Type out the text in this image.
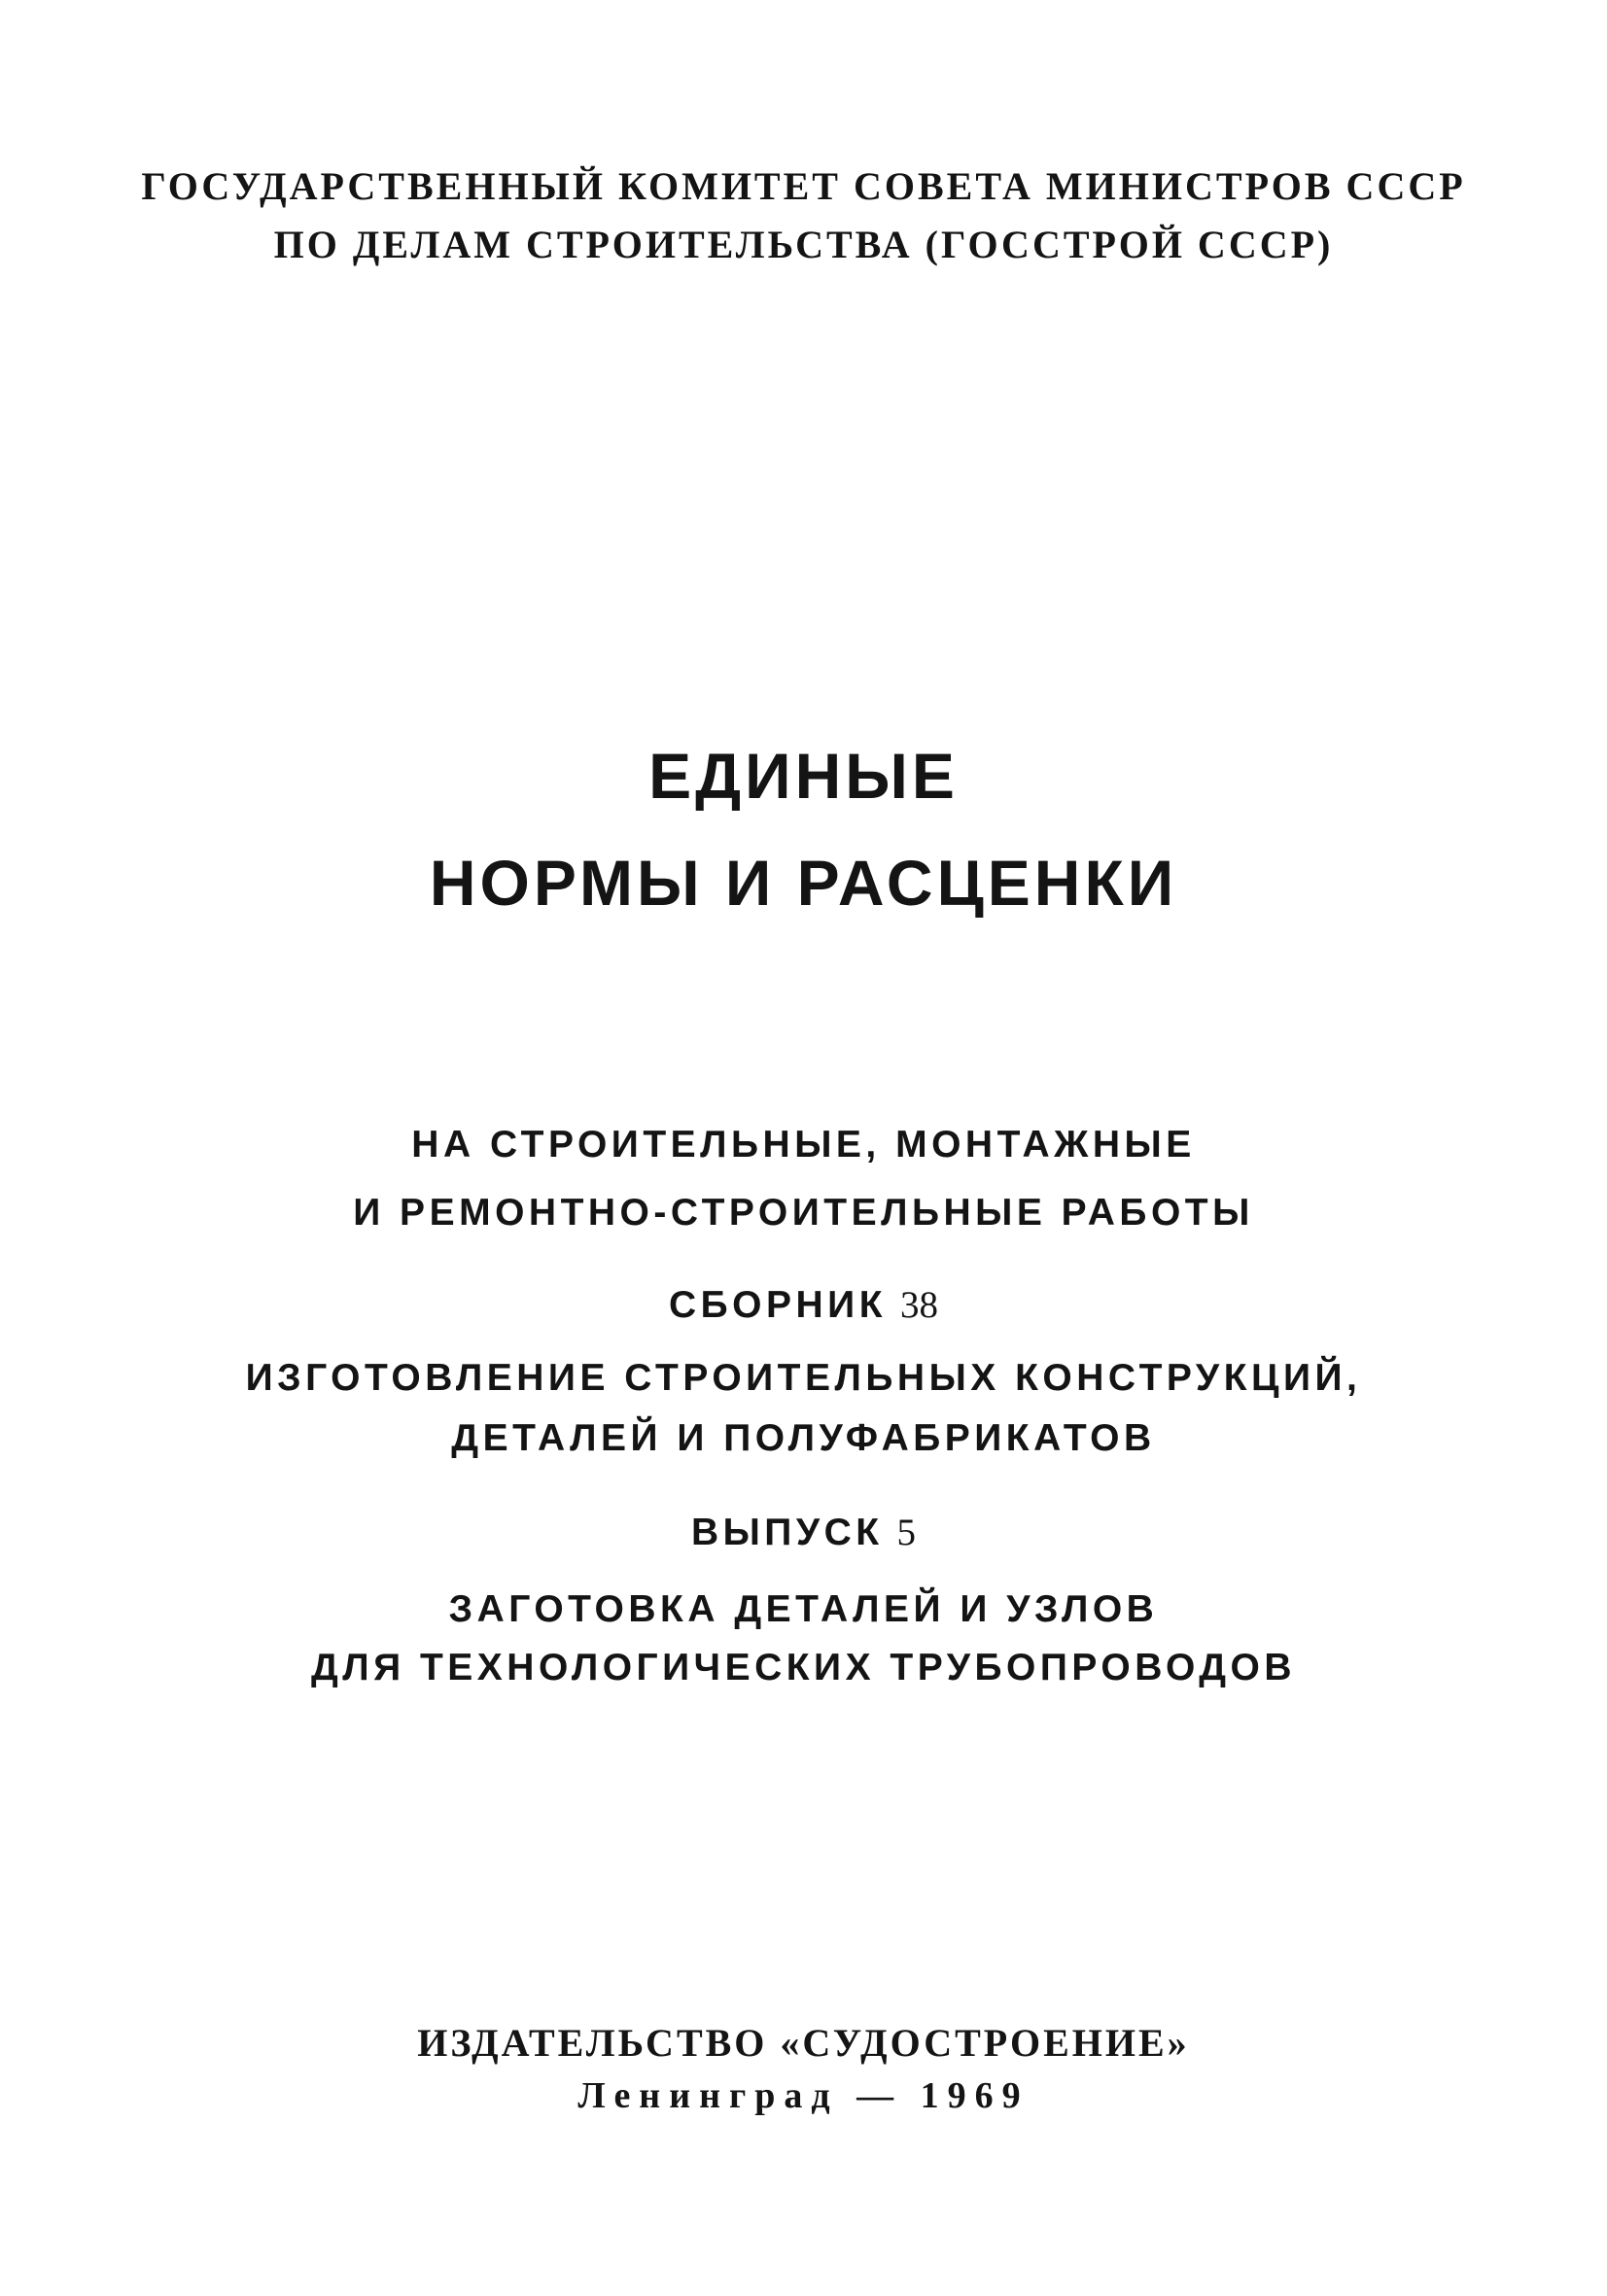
ГОСУДАРСТВЕННЫЙ КОМИТЕТ СОВЕТА МИНИСТРОВ СССР

ПО ДЕЛАМ СТРОИТЕЛЬСТВА (ГОССТРОЙ СССР)

ЕДИНЫЕ

НОРМЫ И РАСЦЕНКИ

НА СТРОИТЕЛЬНЫЕ, МОНТАЖНЫЕ

И РЕМОНТНО-СТРОИТЕЛЬНЫЕ РАБОТЫ

СБОРНИК 38

ИЗГОТОВЛЕНИЕ СТРОИТЕЛЬНЫХ КОНСТРУКЦИЙ,

ДЕТАЛЕЙ И ПОЛУФАБРИКАТОВ

ВЫПУСК 5

ЗАГОТОВКА ДЕТАЛЕЙ И УЗЛОВ

ДЛЯ ТЕХНОЛОГИЧЕСКИХ ТРУБОПРОВОДОВ

ИЗДАТЕЛЬСТВО «СУДОСТРОЕНИЕ»

Ленинград — 1969
